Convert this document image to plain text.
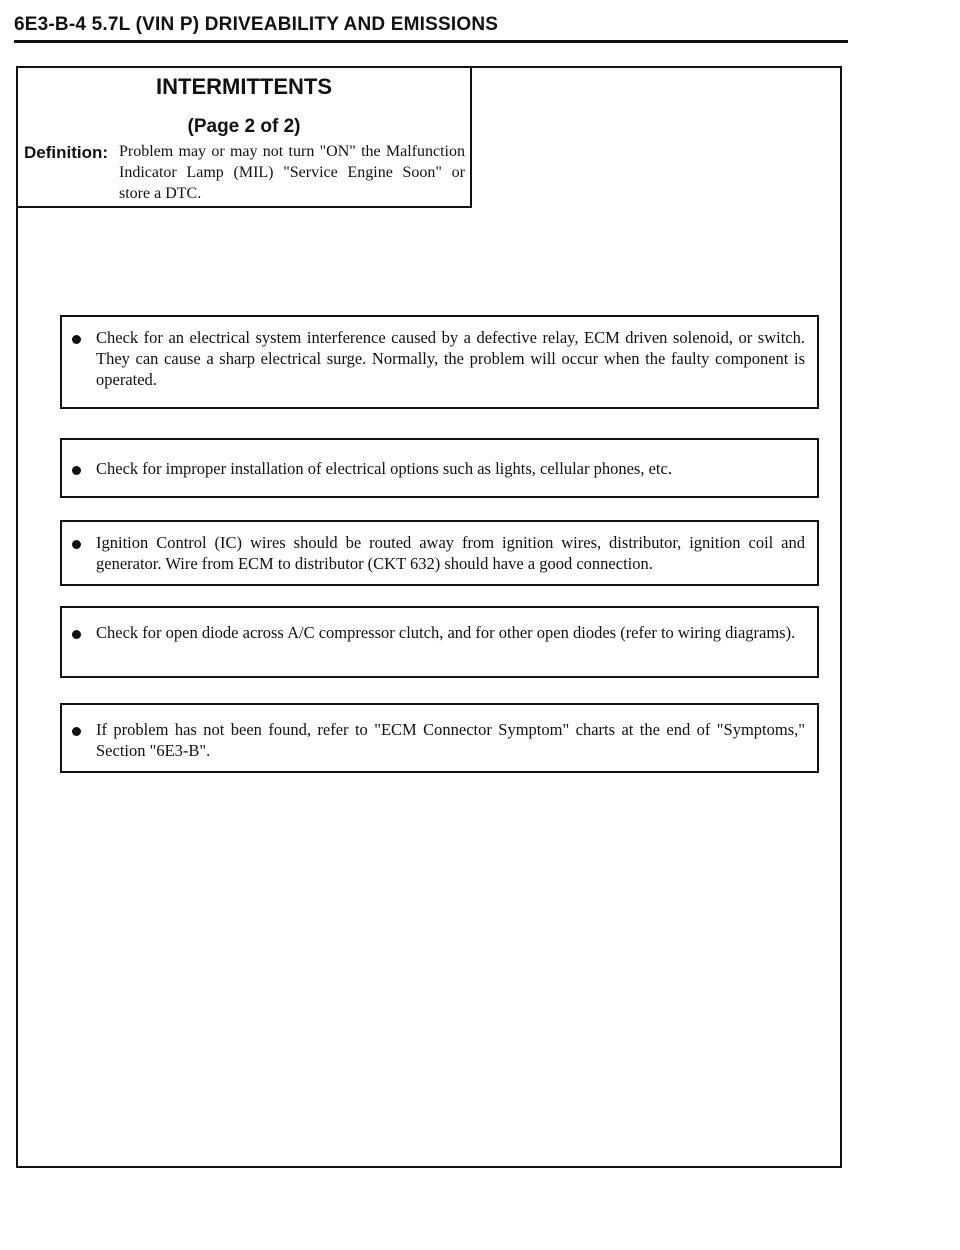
6E3-B-4 5.7L (VIN P) DRIVEABILITY AND EMISSIONS
INTERMITTENTS
(Page 2 of 2)
Definition: Problem may or may not turn "ON" the Malfunction Indicator Lamp (MIL) "Service Engine Soon" or store a DTC.
Check for an electrical system interference caused by a defective relay, ECM driven solenoid, or switch. They can cause a sharp electrical surge. Normally, the problem will occur when the faulty component is operated.
Check for improper installation of electrical options such as lights, cellular phones, etc.
Ignition Control (IC) wires should be routed away from ignition wires, distributor, ignition coil and generator. Wire from ECM to distributor (CKT 632) should have a good connection.
Check for open diode across A/C compressor clutch, and for other open diodes (refer to wiring diagrams).
If problem has not been found, refer to "ECM Connector Symptom" charts at the end of "Symptoms," Section "6E3-B".
